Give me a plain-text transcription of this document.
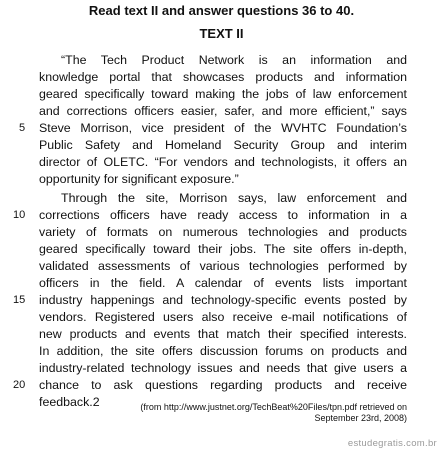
Read text II and answer questions 36 to 40.
TEXT II
“The Tech Product Network is an information and
knowledge portal that showcases products and information
geared specifically toward making the jobs of law enforcement
and corrections officers easier, safer, and more efficient,” says
Steve Morrison, vice president of the WVHTC Foundation’s
Public Safety and Homeland Security Group and interim
director of OLETC. “For vendors and technologists, it offers an
opportunity for significant exposure.”
Through the site, Morrison says, law enforcement and
corrections officers have ready access to information in a
variety of formats on numerous technologies and products
geared specifically toward their jobs. The site offers in-depth,
validated assessments of various technologies performed by
officers in the field. A calendar of events lists important
industry happenings and technology-specific events posted by
vendors. Registered users also receive e-mail notifications of
new products and events that match their specified interests.
In addition, the site offers discussion forums on products and
industry-related technology issues and needs that give users a
chance to ask questions regarding products and receive
feedback.2
5
10
15
20
(from http://www.justnet.org/TechBeat%20Files/tpn.pdf retrieved on
September 23rd, 2008)
estudegratis.com.br
